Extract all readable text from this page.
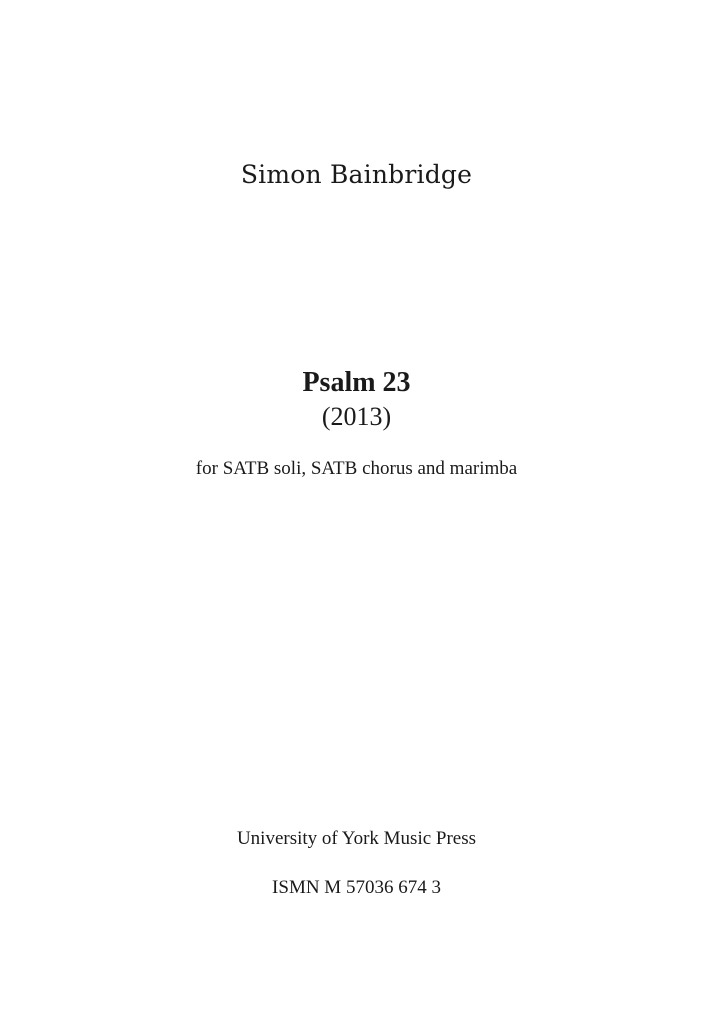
Simon Bainbridge
Psalm 23
(2013)
for SATB soli, SATB chorus and marimba
University of York Music Press
ISMN M 57036 674 3
